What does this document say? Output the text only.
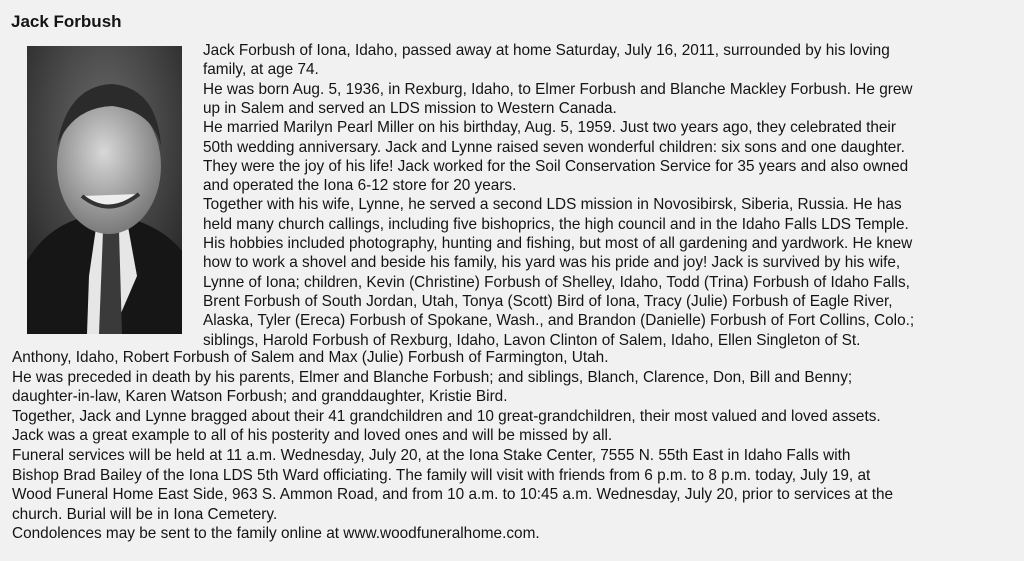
Jack Forbush
Jack Forbush of Iona, Idaho, passed away at home Saturday, July 16, 2011, surrounded by his loving
family, at age 74.
He was born Aug. 5, 1936, in Rexburg, Idaho, to Elmer Forbush and Blanche Mackley Forbush. He grew
up in Salem and served an LDS mission to Western Canada.
He married Marilyn Pearl Miller on his birthday, Aug. 5, 1959. Just two years ago, they celebrated their
50th wedding anniversary. Jack and Lynne raised seven wonderful children: six sons and one daughter.
They were the joy of his life! Jack worked for the Soil Conservation Service for 35 years and also owned
and operated the Iona 6-12 store for 20 years.
Together with his wife, Lynne, he served a second LDS mission in Novosibirsk, Siberia, Russia. He has
held many church callings, including five bishoprics, the high council and in the Idaho Falls LDS Temple.
His hobbies included photography, hunting and fishing, but most of all gardening and yardwork. He knew
how to work a shovel and beside his family, his yard was his pride and joy! Jack is survived by his wife,
Lynne of Iona; children, Kevin (Christine) Forbush of Shelley, Idaho, Todd (Trina) Forbush of Idaho Falls,
Brent Forbush of South Jordan, Utah, Tonya (Scott) Bird of Iona, Tracy (Julie) Forbush of Eagle River,
Alaska, Tyler (Ereca) Forbush of Spokane, Wash., and Brandon (Danielle) Forbush of Fort Collins, Colo.;
siblings, Harold Forbush of Rexburg, Idaho, Lavon Clinton of Salem, Idaho, Ellen Singleton of St.
Anthony, Idaho, Robert Forbush of Salem and Max (Julie) Forbush of Farmington, Utah.
He was preceded in death by his parents, Elmer and Blanche Forbush; and siblings, Blanch, Clarence, Don, Bill and Benny;
daughter-in-law, Karen Watson Forbush; and granddaughter, Kristie Bird.
Together, Jack and Lynne bragged about their 41 grandchildren and 10 great-grandchildren, their most valued and loved assets.
Jack was a great example to all of his posterity and loved ones and will be missed by all.
Funeral services will be held at 11 a.m. Wednesday, July 20, at the Iona Stake Center, 7555 N. 55th East in Idaho Falls with
Bishop Brad Bailey of the Iona LDS 5th Ward officiating. The family will visit with friends from 6 p.m. to 8 p.m. today, July 19, at
Wood Funeral Home East Side, 963 S. Ammon Road, and from 10 a.m. to 10:45 a.m. Wednesday, July 20, prior to services at the
church. Burial will be in Iona Cemetery.
Condolences may be sent to the family online at www.woodfuneralhome.com.
